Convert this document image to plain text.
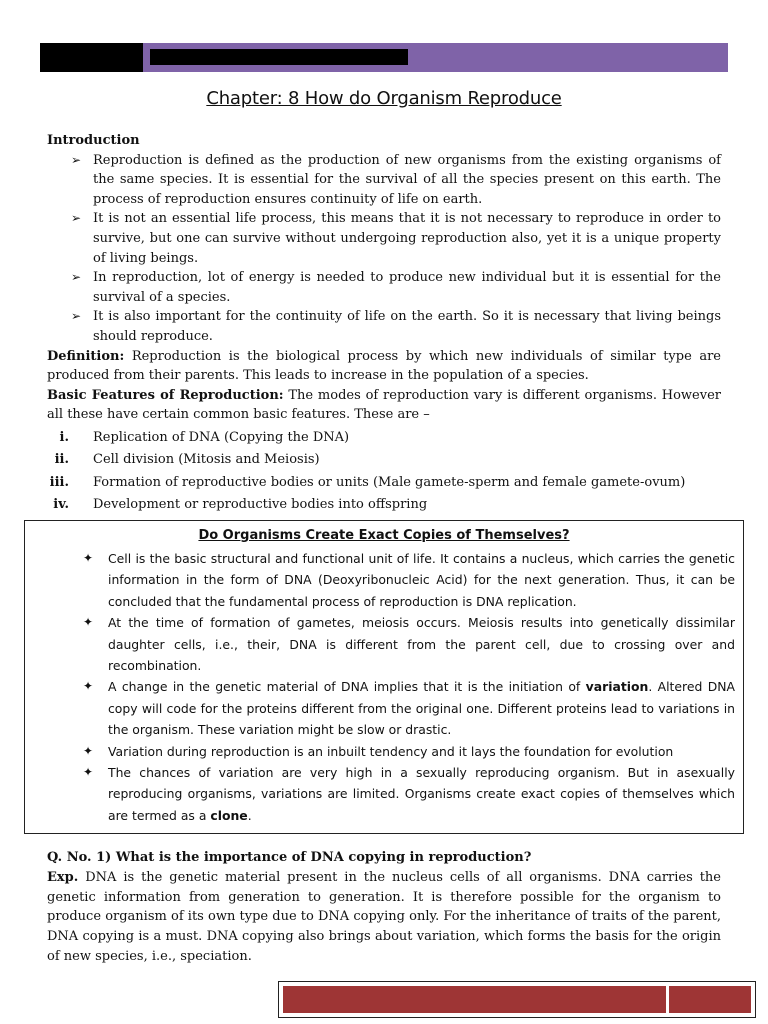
Chapter: 8 How do Organism Reproduce

Introduction

➢ Reproduction is defined as the production of new organisms from the existing organisms of the same species. It is essential for the survival of all the species present on this earth. The process of reproduction ensures continuity of life on earth.
➢ It is not an essential life process, this means that it is not necessary to reproduce in order to survive, but one can survive without undergoing reproduction also, yet it is a unique property of living beings.
➢ In reproduction, lot of energy is needed to produce new individual but it is essential for the survival of a species.
➢ It is also important for the continuity of life on the earth. So it is necessary that living beings should reproduce.

Definition: Reproduction is the biological process by which new individuals of similar type are produced from their parents. This leads to increase in the population of a species.

Basic Features of Reproduction: The modes of reproduction vary is different organisms. However all these have certain common basic features. These are –

i. Replication of DNA (Copying the DNA)
ii. Cell division (Mitosis and Meiosis)
iii. Formation of reproductive bodies or units (Male gamete-sperm and female gamete-ovum)
iv. Development or reproductive bodies into offspring
Do Organisms Create Exact Copies of Themselves?
✦ Cell is the basic structural and functional unit of life. It contains a nucleus, which carries the genetic information in the form of DNA (Deoxyribonucleic Acid) for the next generation. Thus, it can be concluded that the fundamental process of reproduction is DNA replication.
✦ At the time of formation of gametes, meiosis occurs. Meiosis results into genetically dissimilar daughter cells, i.e., their, DNA is different from the parent cell, due to crossing over and recombination.
✦ A change in the genetic material of DNA implies that it is the initiation of variation. Altered DNA copy will code for the proteins different from the original one. Different proteins lead to variations in the organism. These variation might be slow or drastic.
✦ Variation during reproduction is an inbuilt tendency and it lays the foundation for evolution
✦ The chances of variation are very high in a sexually reproducing organism. But in asexually reproducing organisms, variations are limited. Organisms create exact copies of themselves which are termed as a clone.

Q. No. 1) What is the importance of DNA copying in reproduction?

Exp. DNA is the genetic material present in the nucleus cells of all organisms. DNA carries the genetic information from generation to generation. It is therefore possible for the organism to produce organism of its own type due to DNA copying only. For the inheritance of traits of the parent, DNA copying is a must. DNA copying also brings about variation, which forms the basis for the origin of new species, i.e., speciation.
